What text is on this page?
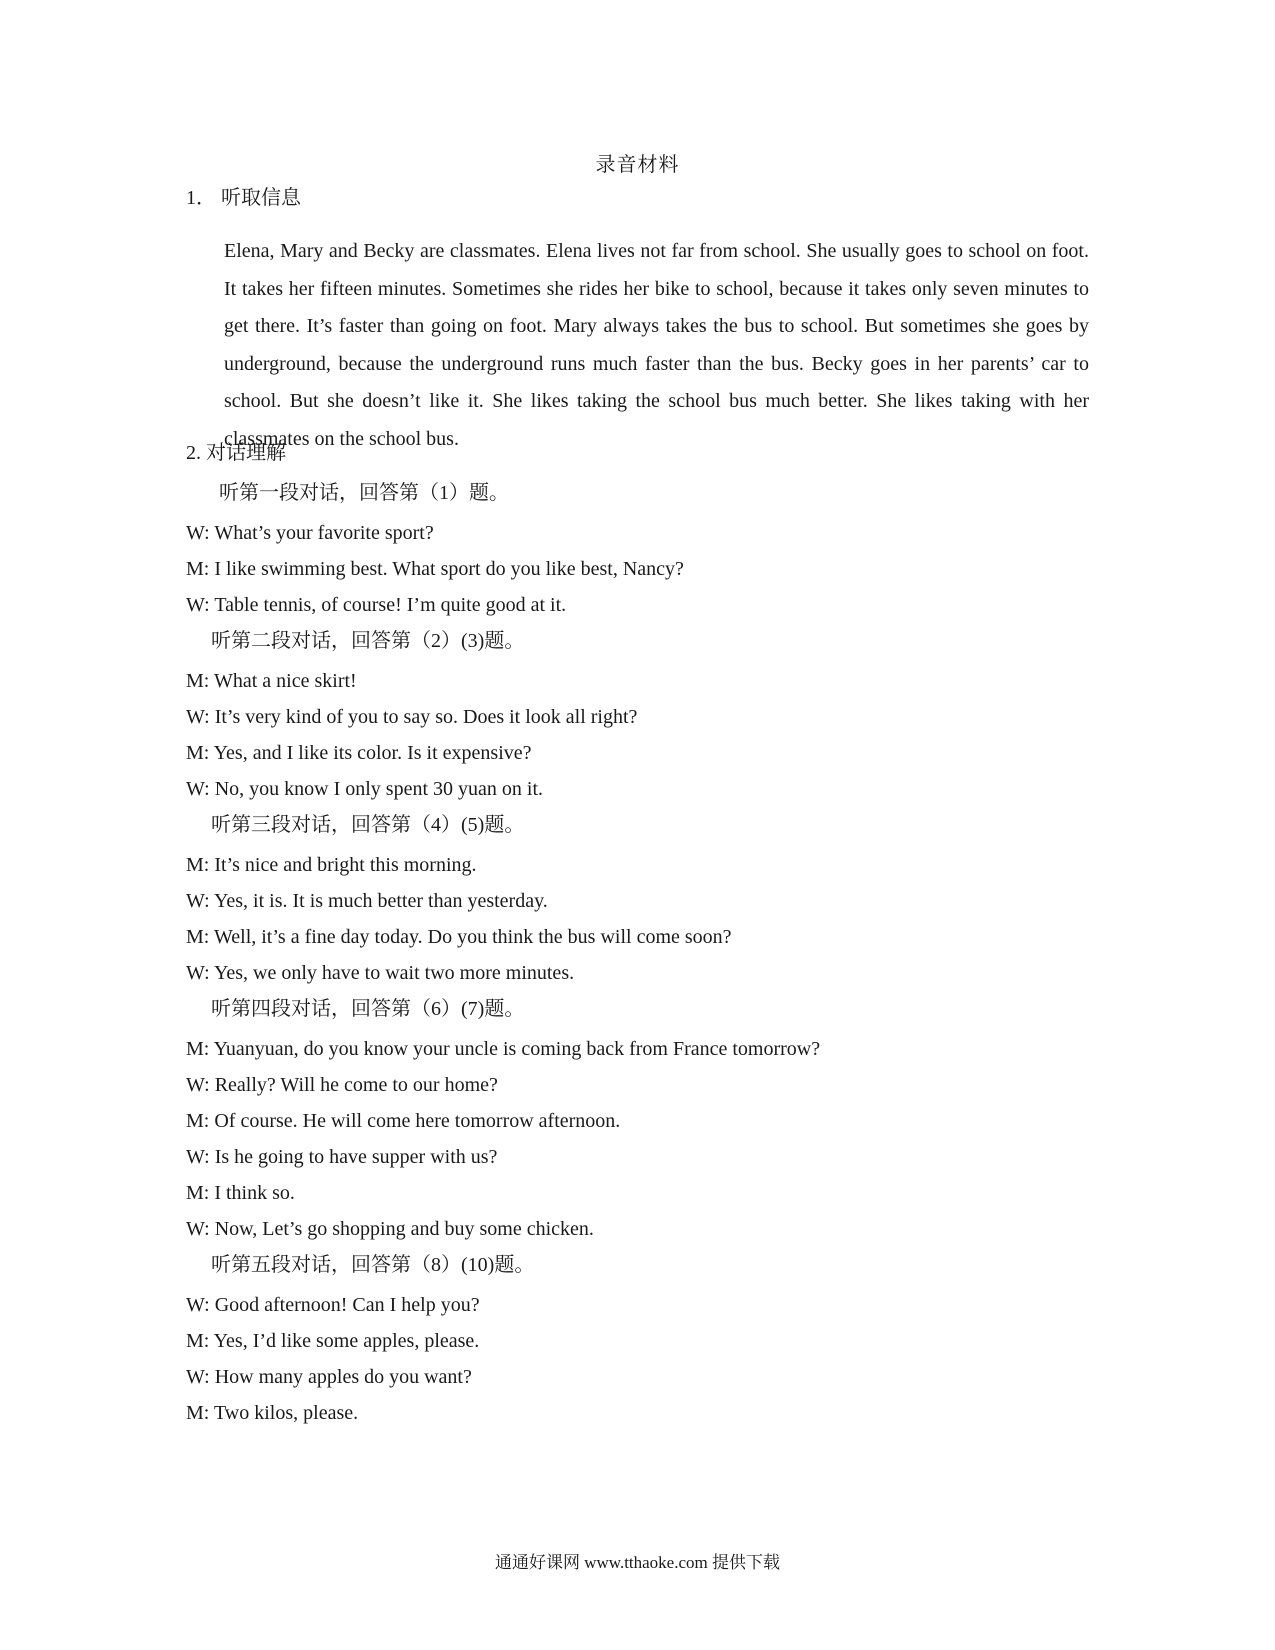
录音材料
1． 听取信息
Elena, Mary and Becky are classmates. Elena lives not far from school. She usually goes to school on foot. It takes her fifteen minutes. Sometimes she rides her bike to school, because it takes only seven minutes to get there. It’s faster than going on foot. Mary always takes the bus to school. But sometimes she goes by underground, because the underground runs much faster than the bus. Becky goes in her parents’ car to school. But she doesn’t like it. She likes taking the school bus much better. She likes taking with her classmates on the school bus.
2. 对话理解
听第一段对话，回答第（1）题。
W: What’s your favorite sport?
M: I like swimming best. What sport do you like best, Nancy?
W: Table tennis, of course! I’m quite good at it.
听第二段对话，回答第（2）(3)题。
M: What a nice skirt!
W: It’s very kind of you to say so. Does it look all right?
M: Yes, and I like its color. Is it expensive?
W: No, you know I only spent 30 yuan on it.
听第三段对话，回答第（4）(5)题。
M: It’s nice and bright this morning.
W: Yes, it is. It is much better than yesterday.
M: Well, it’s a fine day today. Do you think the bus will come soon?
W: Yes, we only have to wait two more minutes.
听第四段对话，回答第（6）(7)题。
M: Yuanyuan, do you know your uncle is coming back from France tomorrow?
W: Really? Will he come to our home?
M: Of course. He will come here tomorrow afternoon.
W: Is he going to have supper with us?
M: I think so.
W: Now, Let’s go shopping and buy some chicken.
听第五段对话，回答第（8）(10)题。
W: Good afternoon! Can I help you?
M: Yes, I’d like some apples, please.
W: How many apples do you want?
M: Two kilos, please.
通通好课网 www.tthaoke.com 提供下载
